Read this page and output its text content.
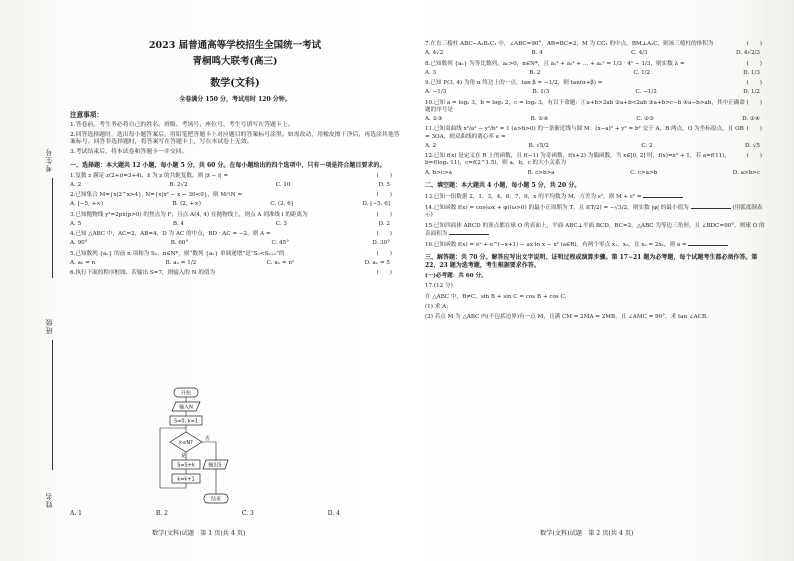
考生号
班级
姓名
2023 届普通高等学校招生全国统一考试
青桐鸣大联考(高三)
数学(文科)
全卷满分 150 分，考试用时 120 分钟。
注意事项：
1.答卷前，考生务必将自己的姓名、班级、考场号、座位号、考生号填写在答题卡上。
2.回答选择题时，选出每小题答案后，用铅笔把答题卡上对应题目的答案标号涂黑。如需改动，用橡皮擦干净后，再选涂其他答案标号。回答非选择题时，将答案写在答题卡上，写在本试卷上无效。
3.考试结束后，将本试卷和答题卡一并交回。
一、选择题：本大题共 12 小题，每小题 5 分，共 60 分。在每小题给出的四个选项中，只有一项是符合题目要求的。
(　　)
1.复数 z 满足 z(2+i)=3+4i，z̄ 为 z 的共轭复数，则 |z̄ − i| =
A. 2	B. 2√2	C. 10	D. 5
(　　)
2.已知集合 M={x|2^x>4}, N={x|x² − x − 30<0}，则 M∩N =
A. [−5, +∞)	B. (2, +∞)	C. (2, 6]	D. [−5, 6]
(　　)
3.已知抛物线 y²=2px(p>0) 的焦点为 F，且点 A(4, 4) 在抛物线上，则点 A 到准线 l 的距离为
A. 5	B. 4	C. 3	D. 2
(　　)
4.已知 △ABC 中，AC=2，AB=4，D 为 AC 的中点，BD · AC = −2，则 A =
A. 90°	B. 60°	C. 45°	D. 30°
(　　)
5.已知数列 {aₙ} 的前 n 项和为 Sₙ，n∈N*，则“数列 {aₙ} 单调递增”是“Sₙ<Sₙ₊₁”的
A. aₙ = n	B. aₙ = 1/2	C. aₙ = n²	D. aₙ = 5
(　　)
6.执行下面的程序框图，若输出 S=7，则输入的 N 的值为
开始
输入N
S=0, k=1
k≤N?
是
否
S=S+k
k=k+1
输出S
结束
A. 1	B. 2	C. 3	D. 4
(　　)
7.在直三棱柱 ABC−A₁B₁C₁ 中，∠ABC=90°，AB=BC=2，M 为 CC₁ 的中点，BM⊥A₁C，则该三棱柱的体积为
A. 4√2	B. 4	C. 4/3	D. 4√2/3
(　　)
8.已知数列 {aₙ} 为等比数列，aₙ>0，n∈N*，且 a₁² + a₂² + … + aₙ² = 1/3 · 4ⁿ − 1/3，则实数 λ =
A. 3	B. 2	C. 1/2	D. 1/3
(　　)
9.已知 P(3, 4) 为角 α 终边上的一点，tan β = −1/2，则 tan(α+β) =
A. −1/3	B. 1/3	C. −1/2	D. 1/2
(　　)
10.已知 a = log₃ 3，b = log₃ 2，c = log₂ 3，有以下命题：①a+b>2ab ②a+b<2ab ③a+b>c−b ④a−b>ab，其中正确命题的序号是
A. ①③	B. ①④	C. ②③	D. ②④
(　　)
11.已知双曲线 x²/a² − y²/b² = 1 (a>b>0) 的一条渐近线与圆 M：(x−a)² + y² = b² 交于 A，B 两点，O 为坐标原点，且 OB = 3OA，则双曲线的离心率 e =
A. 2	B. √5/2	C. 2	D. √5
(　　)
12.已知 f(x) 是定义在 R 上的函数，且 f(−1) 为奇函数，f(x+2) 为偶函数，当 x∈[0, 2] 时，f(x)=x² + 1，若 a=f(11)，b=f(log₂ 11)，c=f(2^1.5)，则 a，b，c 的大小关系为
A. b>c>a	B. c>b>a	C. c>a>b	D. a>b>c
二、填空题：本大题共 4 小题，每小题 5 分，共 20 分。
13.已知一组数据 2，1，3，4，6，7，9，x 的平均数为 M，方差为 s²，则 M + s² =
14.已知函数 f(x) = cos(ωx + φ)(ω>0) 的最小正周期为 T，且 f(T/2) = −√3/2，则实数 |φ| 的最小值为	(用弧度制表示)
15.已知四面体 ABCD 的顶点都在球 O 的表面上，平面 ABC⊥平面 BCD，BC=2，△ABC 为等边三角形，且 ∠BDC=90°，则球 O 的表面积为
16.已知函数 f(x) = eˣ + e^(−x+1) − ax ln x − x² (a∈R)，有两个零点 x₁，x₂，且 x₂ = 2x₁，则 a =
三、解答题：共 70 分。解答应写出文字说明、证明过程或演算步骤。第 17−21 题为必考题，每个试题考生都必须作答。第 22，23 题为选考题，考生根据要求作答。
(一)必考题：共 60 分。
17.(12 分)
在 △ABC 中，B≠C，sin B + sin C = cos B + cos C.
(1) 求 A；
(2) 若点 M 为 △ABC 内(不包括边界)有一点 M，且满 CM = 2MA = 2MB，且 ∠AMC = 90°，求 tan ∠ACB.
数学(文科)试题　第 1 页(共 4 页)	数学(文科)试题　第 2 页(共 4 页)
